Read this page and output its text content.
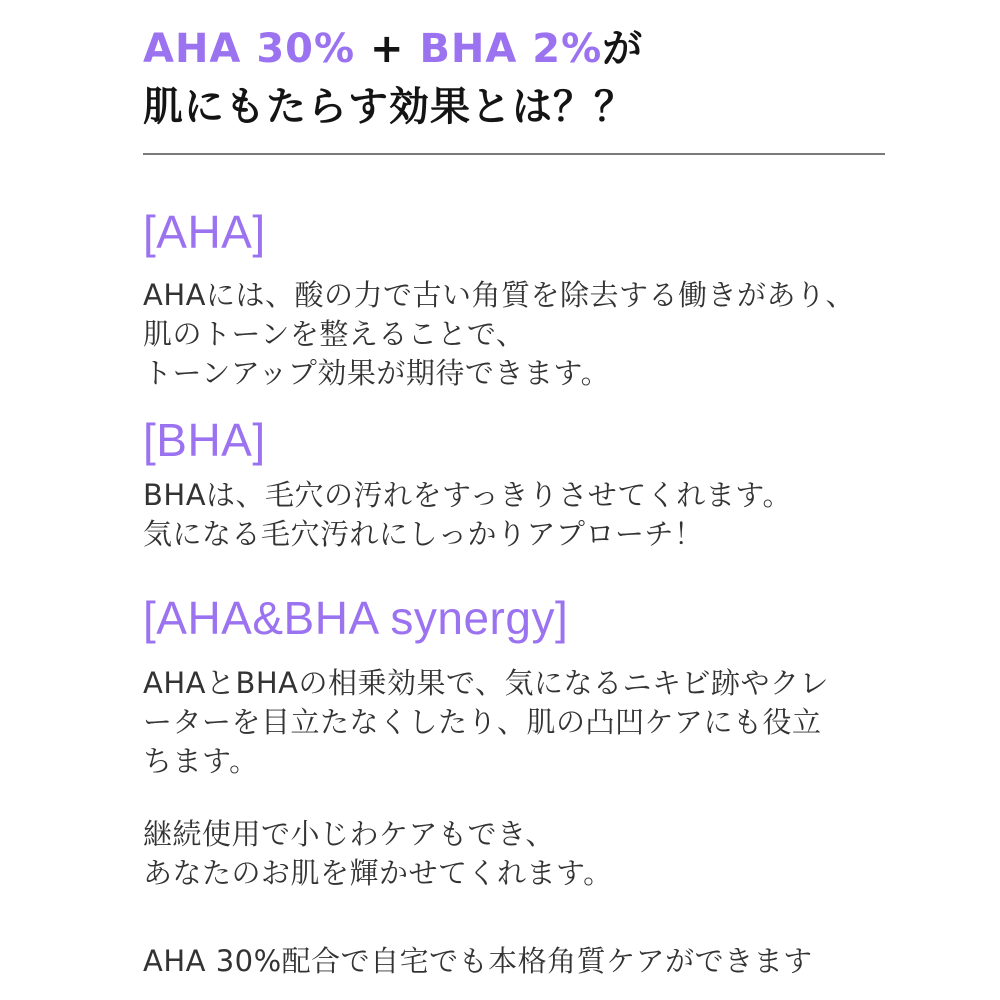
AHA 30% + BHA 2%が
肌にもたらす効果とは？？
[AHA]
AHAには、酸の力で古い角質を除去する働きがあり、
肌のトーンを整えることで、
トーンアップ効果が期待できます。
[BHA]
BHAは、毛穴の汚れをすっきりさせてくれます。
気になる毛穴汚れにしっかりアプローチ！
[AHA&BHA synergy]
AHAとBHAの相乗効果で、気になるニキビ跡やクレ
ーターを目立たなくしたり、肌の凸凹ケアにも役立
ちます。
継続使用で小じわケアもでき、
あなたのお肌を輝かせてくれます。
AHA 30%配合で自宅でも本格角質ケアができます
